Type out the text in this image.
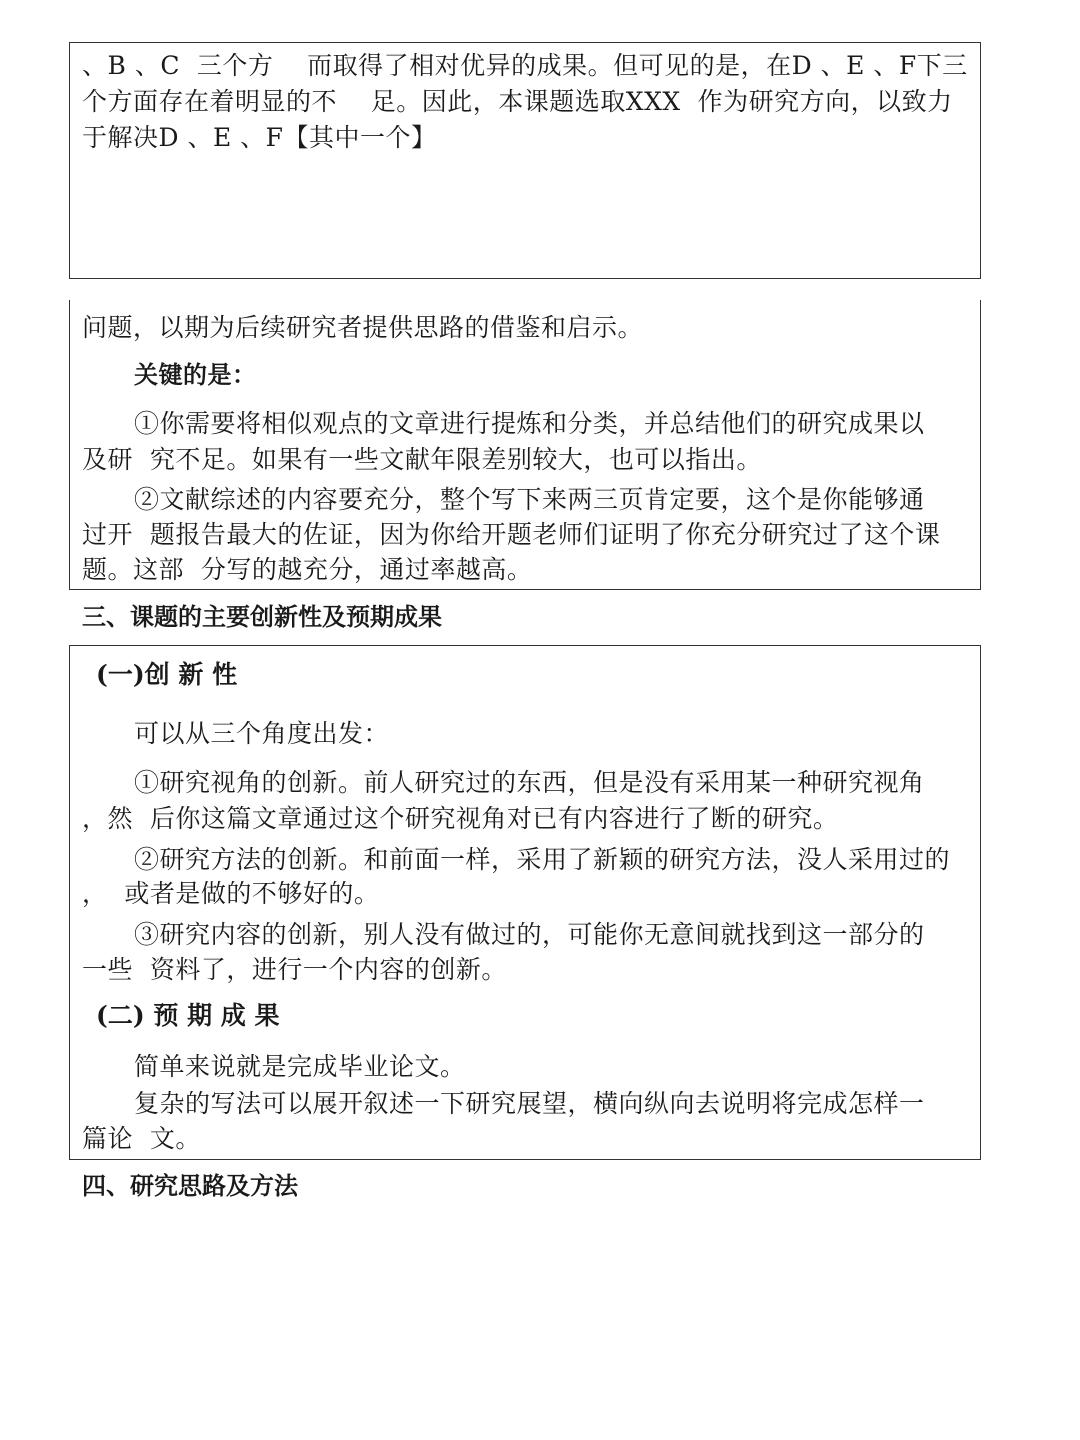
、B 、C  三个方    而取得了相对优异的成果。但可见的是，在D 、E 、F下三
个方面存在着明显的不    足。因此，本课题选取XXX  作为研究方向，以致力
于解决D 、E 、F【其中一个】
问题，以期为后续研究者提供思路的借鉴和启示。
关键的是：
①你需要将相似观点的文章进行提炼和分类，并总结他们的研究成果以
及研  究不足。如果有一些文献年限差别较大，也可以指出。
②文献综述的内容要充分，整个写下来两三页肯定要，这个是你能够通
过开  题报告最大的佐证，因为你给开题老师们证明了你充分研究过了这个课
题。这部  分写的越充分，通过率越高。
三、课题的主要创新性及预期成果
(一)创 新 性
可以从三个角度出发：
①研究视角的创新。前人研究过的东西，但是没有采用某一种研究视角
，然  后你这篇文章通过这个研究视角对已有内容进行了断的研究。
②研究方法的创新。和前面一样，采用了新颖的研究方法，没人采用过的
，  或者是做的不够好的。
③研究内容的创新，别人没有做过的，可能你无意间就找到这一部分的
一些  资料了，进行一个内容的创新。
(二) 预 期 成 果
简单来说就是完成毕业论文。
复杂的写法可以展开叙述一下研究展望，横向纵向去说明将完成怎样一
篇论  文。
四、研究思路及方法
